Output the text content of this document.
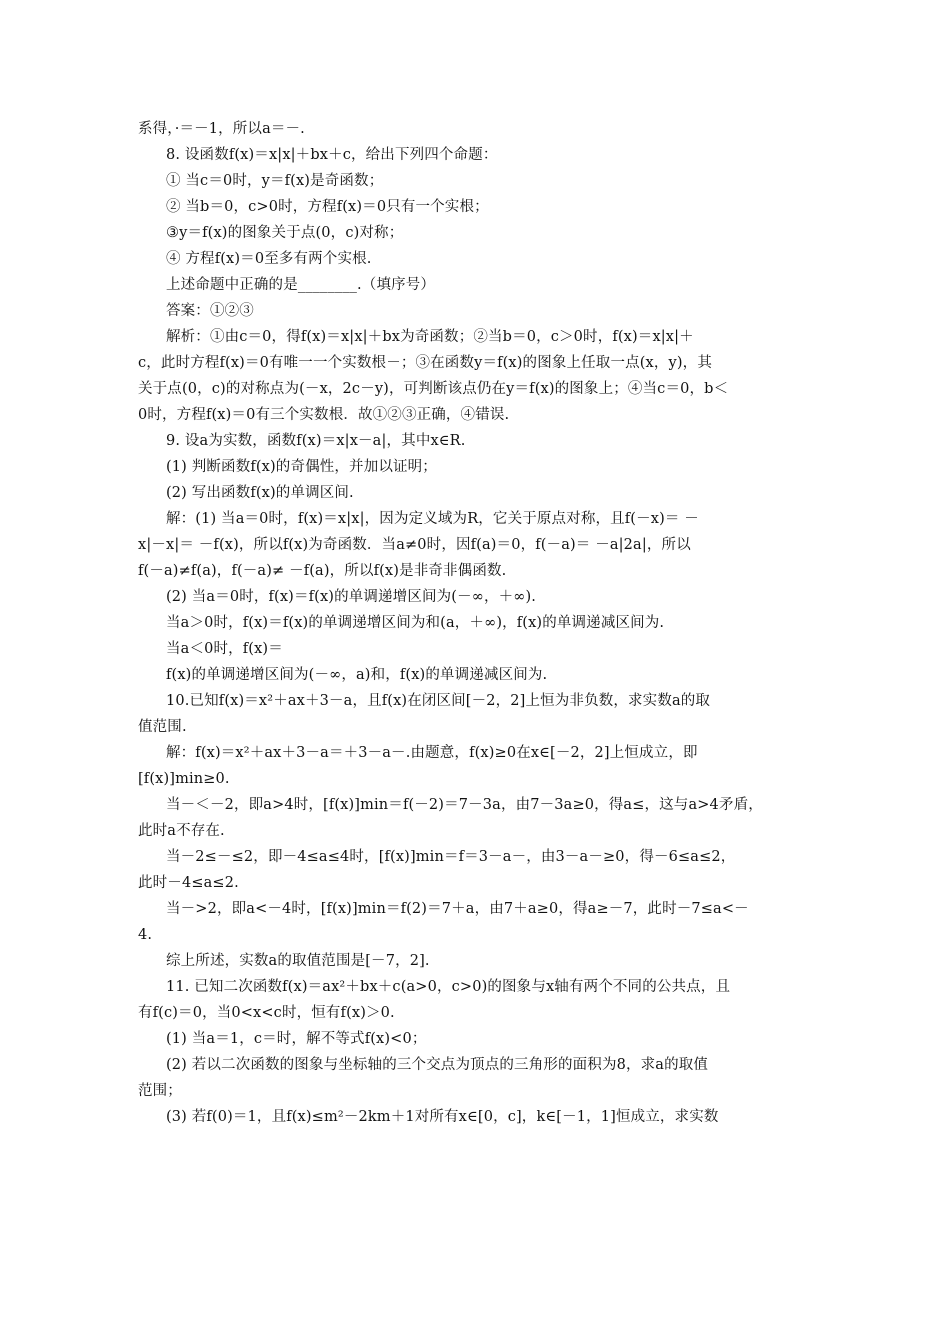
系得，·＝－1，所以a＝－.
8. 设函数f(x)＝x|x|＋bx＋c，给出下列四个命题：
① 当c＝0时，y＝f(x)是奇函数；
② 当b＝0，c>0时，方程f(x)＝0只有一个实根；
③y＝f(x)的图象关于点(0，c)对称；
④ 方程f(x)＝0至多有两个实根.
上述命题中正确的是________.（填序号）
答案：①②③
解析：①由c＝0，得f(x)＝x|x|＋bx为奇函数；②当b＝0，c＞0时，f(x)＝x|x|＋
c，此时方程f(x)＝0有唯一一个实数根－；③在函数y＝f(x)的图象上任取一点(x，y)，其
关于点(0，c)的对称点为(－x，2c－y)，可判断该点仍在y＝f(x)的图象上；④当c＝0，b＜
0时，方程f(x)＝0有三个实数根．故①②③正确，④错误.
9. 设a为实数，函数f(x)＝x|x－a|，其中x∈R.
(1) 判断函数f(x)的奇偶性，并加以证明；
(2) 写出函数f(x)的单调区间.
解：(1) 当a＝0时，f(x)＝x|x|，因为定义域为R，它关于原点对称，且f(－x)＝ －
x|－x|＝ －f(x)，所以f(x)为奇函数．当a≠0时，因f(a)＝0，f(－a)＝ －a|2a|，所以
f(－a)≠f(a)，f(－a)≠ －f(a)，所以f(x)是非奇非偶函数.
(2) 当a＝0时，f(x)＝f(x)的单调递增区间为(－∞，＋∞).
当a＞0时，f(x)＝f(x)的单调递增区间为和(a，＋∞)，f(x)的单调递减区间为.
当a＜0时，f(x)＝
f(x)的单调递增区间为(－∞，a)和，f(x)的单调递减区间为.
10.已知f(x)＝x²＋ax＋3－a，且f(x)在闭区间[－2，2]上恒为非负数，求实数a的取
值范围.
解：f(x)＝x²＋ax＋3－a＝＋3－a－.由题意，f(x)≥0在x∈[－2，2]上恒成立，即
[f(x)]min≥0.
当－＜－2，即a>4时，[f(x)]min＝f(－2)＝7－3a，由7－3a≥0，得a≤，这与a>4矛盾，
此时a不存在.
当－2≤－≤2，即－4≤a≤4时，[f(x)]min＝f＝3－a－，由3－a－≥0，得－6≤a≤2，
此时－4≤a≤2.
当－>2，即a<－4时，[f(x)]min＝f(2)＝7＋a，由7＋a≥0，得a≥－7，此时－7≤a<－
4.
综上所述，实数a的取值范围是[－7，2].
11. 已知二次函数f(x)＝ax²＋bx＋c(a>0，c>0)的图象与x轴有两个不同的公共点，且
有f(c)＝0，当0<x<c时，恒有f(x)＞0.
(1) 当a＝1，c＝时，解不等式f(x)<0；
(2) 若以二次函数的图象与坐标轴的三个交点为顶点的三角形的面积为8，求a的取值
范围；
(3) 若f(0)＝1，且f(x)≤m²－2km＋1对所有x∈[0，c]，k∈[－1，1]恒成立，求实数
